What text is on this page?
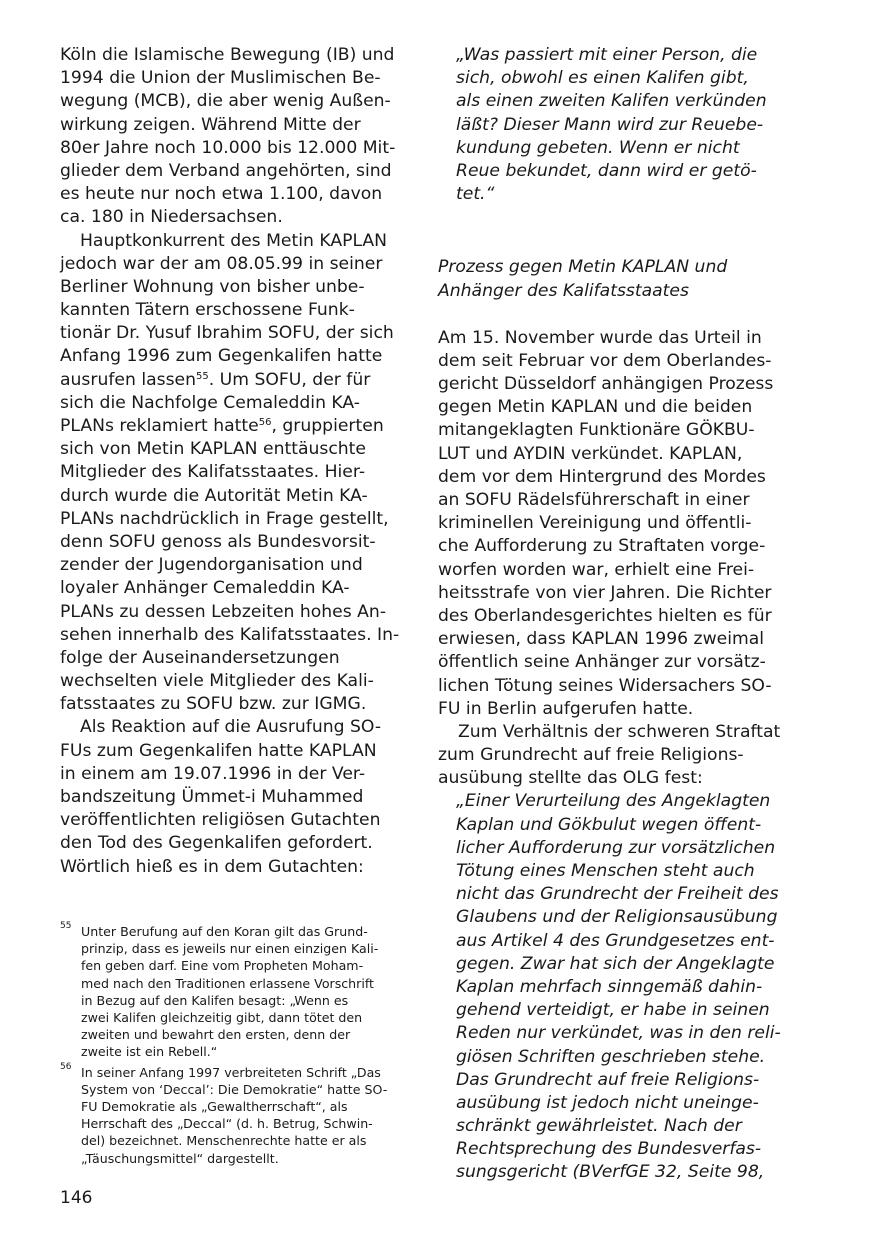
Köln die Islamische Bewegung (IB) und
1994 die Union der Muslimischen Be-
wegung (MCB), die aber wenig Außen-
wirkung zeigen. Während Mitte der
80er Jahre noch 10.000 bis 12.000 Mit-
glieder dem Verband angehörten, sind
es heute nur noch etwa 1.100, davon
ca. 180 in Niedersachsen.
Hauptkonkurrent des Metin KAPLAN
jedoch war der am 08.05.99 in seiner
Berliner Wohnung von bisher unbe-
kannten Tätern erschossene Funk-
tionär Dr. Yusuf Ibrahim SOFU, der sich
Anfang 1996 zum Gegenkalifen hatte
ausrufen lassen$^{55}$. Um SOFU, der für
sich die Nachfolge Cemaleddin KA-
PLANs reklamiert hatte$^{56}$, gruppierten
sich von Metin KAPLAN enttäuschte
Mitglieder des Kalifatsstaates. Hier-
durch wurde die Autorität Metin KA-
PLANs nachdrücklich in Frage gestellt,
denn SOFU genoss als Bundesvorsit-
zender der Jugendorganisation und
loyaler Anhänger Cemaleddin KA-
PLANs zu dessen Lebzeiten hohes An-
sehen innerhalb des Kalifatsstaates. In-
folge der Auseinandersetzungen
wechselten viele Mitglieder des Kali-
fatsstaates zu SOFU bzw. zur IGMG.
Als Reaktion auf die Ausrufung SO-
FUs zum Gegenkalifen hatte KAPLAN
in einem am 19.07.1996 in der Ver-
bandszeitung Ümmet-i Muhammed
veröffentlichten religiösen Gutachten
den Tod des Gegenkalifen gefordert.
Wörtlich hieß es in dem Gutachten:
55 Unter Berufung auf den Koran gilt das Grund-
prinzip, dass es jeweils nur einen einzigen Kali-
fen geben darf. Eine vom Propheten Moham-
med nach den Traditionen erlassene Vorschrift
in Bezug auf den Kalifen besagt: „Wenn es
zwei Kalifen gleichzeitig gibt, dann tötet den
zweiten und bewahrt den ersten, denn der
zweite ist ein Rebell.“
56 In seiner Anfang 1997 verbreiteten Schrift „Das
System von ‘Deccal’: Die Demokratie“ hatte SO-
FU Demokratie als „Gewaltherrschaft“, als
Herrschaft des „Deccal“ (d. h. Betrug, Schwin-
del) bezeichnet. Menschenrechte hatte er als
„Täuschungsmittel“ dargestellt.
146
„Was passiert mit einer Person, die
sich, obwohl es einen Kalifen gibt,
als einen zweiten Kalifen verkünden
läßt? Dieser Mann wird zur Reuebe-
kundung gebeten. Wenn er nicht
Reue bekundet, dann wird er getö-
tet.“
Prozess gegen Metin KAPLAN und
Anhänger des Kalifatsstaates
Am 15. November wurde das Urteil in
dem seit Februar vor dem Oberlandes-
gericht Düsseldorf anhängigen Prozess
gegen Metin KAPLAN und die beiden
mitangeklagten Funktionäre GÖKBU-
LUT und AYDIN verkündet. KAPLAN,
dem vor dem Hintergrund des Mordes
an SOFU Rädelsführerschaft in einer
kriminellen Vereinigung und öffentli-
che Aufforderung zu Straftaten vorge-
worfen worden war, erhielt eine Frei-
heitsstrafe von vier Jahren. Die Richter
des Oberlandesgerichtes hielten es für
erwiesen, dass KAPLAN 1996 zweimal
öffentlich seine Anhänger zur vorsätz-
lichen Tötung seines Widersachers SO-
FU in Berlin aufgerufen hatte.
Zum Verhältnis der schweren Straftat
zum Grundrecht auf freie Religions-
ausübung stellte das OLG fest:
„Einer Verurteilung des Angeklagten
Kaplan und Gökbulut wegen öffent-
licher Aufforderung zur vorsätzlichen
Tötung eines Menschen steht auch
nicht das Grundrecht der Freiheit des
Glaubens und der Religionsausübung
aus Artikel 4 des Grundgesetzes ent-
gegen. Zwar hat sich der Angeklagte
Kaplan mehrfach sinngemäß dahin-
gehend verteidigt, er habe in seinen
Reden nur verkündet, was in den reli-
giösen Schriften geschrieben stehe.
Das Grundrecht auf freie Religions-
ausübung ist jedoch nicht uneinge-
schränkt gewährleistet. Nach der
Rechtsprechung des Bundesverfas-
sungsgericht (BVerfGE 32, Seite 98,
